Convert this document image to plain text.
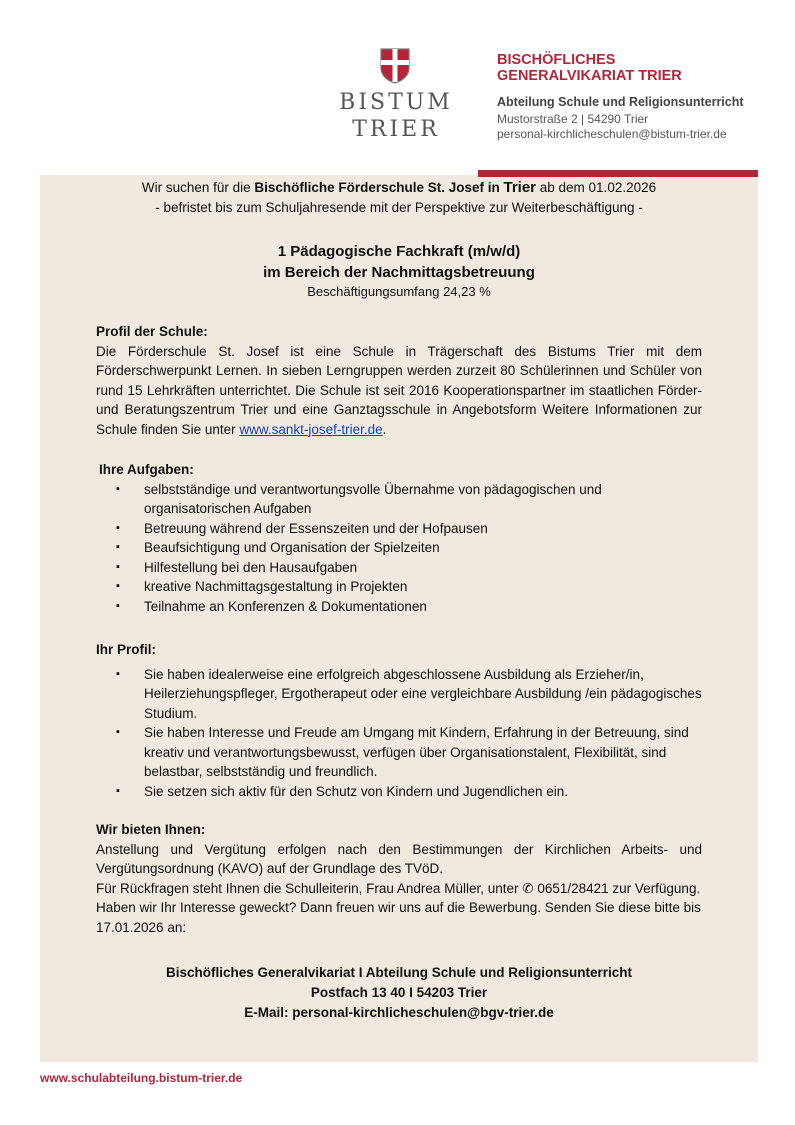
BISTUM
TRIER
BISCHÖFLICHES
GENERALVIKARIAT TRIER
Abteilung Schule und Religionsunterricht
Mustorstraße 2 | 54290 Trier
personal-kirchlicheschulen@bistum-trier.de
Wir suchen für die Bischöfliche Förderschule St. Josef in Trier ab dem 01.02.2026
- befristet bis zum Schuljahresende mit der Perspektive zur Weiterbeschäftigung -
1 Pädagogische Fachkraft (m/w/d)
im Bereich der Nachmittagsbetreuung
Beschäftigungsumfang 24,23 %
Profil der Schule:

Die Förderschule St. Josef ist eine Schule in Trägerschaft des Bistums Trier mit dem Förderschwerpunkt Lernen. In sieben Lerngruppen werden zurzeit 80 Schülerinnen und Schüler von rund 15 Lehrkräften unterrichtet. Die Schule ist seit 2016 Kooperationspartner im staatlichen Förder- und Beratungszentrum Trier und eine Ganztagsschule in Angebotsform Weitere Informationen zur Schule finden Sie unter www.sankt-josef-trier.de.

Ihre Aufgaben:
▪ selbstständige und verantwortungsvolle Übernahme von pädagogischen und organisatorischen Aufgaben
▪ Betreuung während der Essenszeiten und der Hofpausen
▪ Beaufsichtigung und Organisation der Spielzeiten
▪ Hilfestellung bei den Hausaufgaben
▪ kreative Nachmittagsgestaltung in Projekten
▪ Teilnahme an Konferenzen & Dokumentationen
Ihr Profil:
▪ Sie haben idealerweise eine erfolgreich abgeschlossene Ausbildung als Erzieher/in, Heilerziehungspfleger, Ergotherapeut oder eine vergleichbare Ausbildung /ein pädagogisches Studium.
▪ Sie haben Interesse und Freude am Umgang mit Kindern, Erfahrung in der Betreuung, sind kreativ und verantwortungsbewusst, verfügen über Organisationstalent, Flexibilität, sind belastbar, selbstständig und freundlich.
▪ Sie setzen sich aktiv für den Schutz von Kindern und Jugendlichen ein.
Wir bieten Ihnen:

Anstellung und Vergütung erfolgen nach den Bestimmungen der Kirchlichen Arbeits- und Vergütungsordnung (KAVO) auf der Grundlage des TVöD.

Für Rückfragen steht Ihnen die Schulleiterin, Frau Andrea Müller, unter ✆ 0651/28421 zur Verfügung.

Haben wir Ihr Interesse geweckt? Dann freuen wir uns auf die Bewerbung. Senden Sie diese bitte bis 17.01.2026 an:

Bischöfliches Generalvikariat I Abteilung Schule und Religionsunterricht
Postfach 13 40 I 54203 Trier
E-Mail: personal-kirchlicheschulen@bgv-trier.de
www.schulabteilung.bistum-trier.de
